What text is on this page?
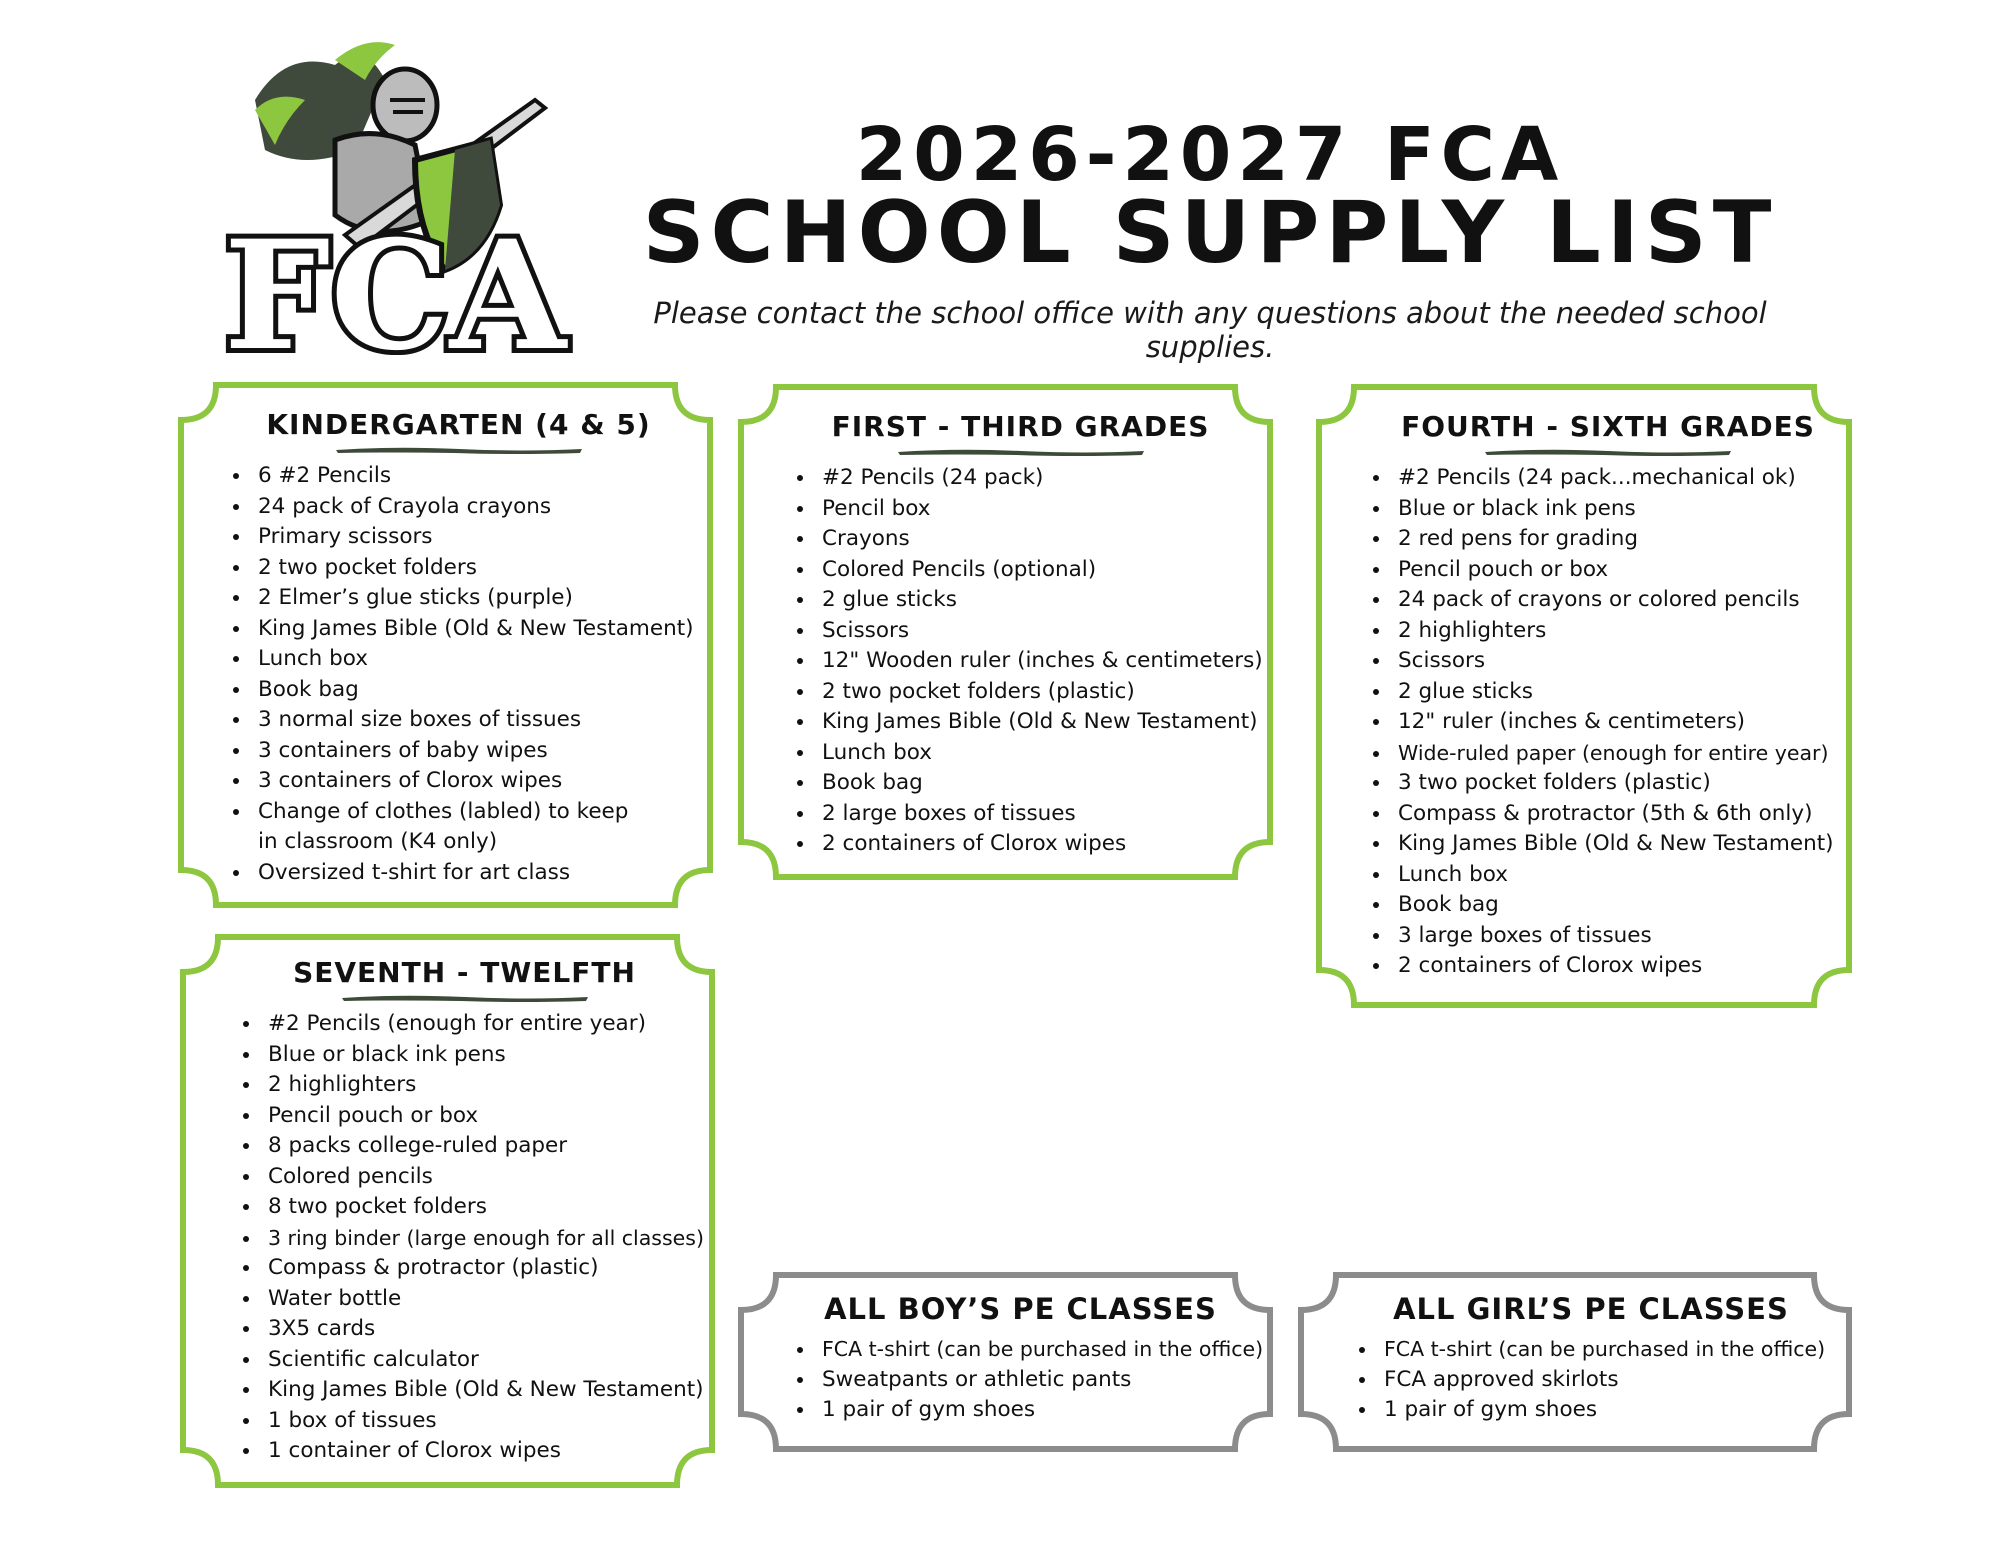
FCA
2026-2027 FCA
SCHOOL SUPPLY LIST
Please contact the school office with any questions about the needed school supplies.
KINDERGARTEN (4 & 5)
• 6 #2 Pencils
• 24 pack of Crayola crayons
• Primary scissors
• 2 two pocket folders
• 2 Elmer’s glue sticks (purple)
• King James Bible (Old & New Testament)
• Lunch box
• Book bag
• 3 normal size boxes of tissues
• 3 containers of baby wipes
• 3 containers of Clorox wipes
• Change of clothes (labled) to keep in classroom (K4 only)
• Oversized t-shirt for art class
FIRST - THIRD GRADES
• #2 Pencils (24 pack)
• Pencil box
• Crayons
• Colored Pencils (optional)
• 2 glue sticks
• Scissors
• 12" Wooden ruler (inches & centimeters)
• 2 two pocket folders (plastic)
• King James Bible (Old & New Testament)
• Lunch box
• Book bag
• 2 large boxes of tissues
• 2 containers of Clorox wipes
FOURTH - SIXTH GRADES
• #2 Pencils (24 pack...mechanical ok)
• Blue or black ink pens
• 2 red pens for grading
• Pencil pouch or box
• 24 pack of crayons or colored pencils
• 2 highlighters
• Scissors
• 2 glue sticks
• 12" ruler (inches & centimeters)
• Wide-ruled paper (enough for entire year)
• 3 two pocket folders (plastic)
• Compass & protractor (5th & 6th only)
• King James Bible (Old & New Testament)
• Lunch box
• Book bag
• 3 large boxes of tissues
• 2 containers of Clorox wipes
SEVENTH - TWELFTH
• #2 Pencils (enough for entire year)
• Blue or black ink pens
• 2 highlighters
• Pencil pouch or box
• 8 packs college-ruled paper
• Colored pencils
• 8 two pocket folders
• 3 ring binder (large enough for all classes)
• Compass & protractor (plastic)
• Water bottle
• 3X5 cards
• Scientific calculator
• King James Bible (Old & New Testament)
• 1 box of tissues
• 1 container of Clorox wipes
ALL BOY’S PE CLASSES
• FCA t-shirt (can be purchased in the office)
• Sweatpants or athletic pants
• 1 pair of gym shoes
ALL GIRL’S PE CLASSES
• FCA t-shirt (can be purchased in the office)
• FCA approved skirlots
• 1 pair of gym shoes
